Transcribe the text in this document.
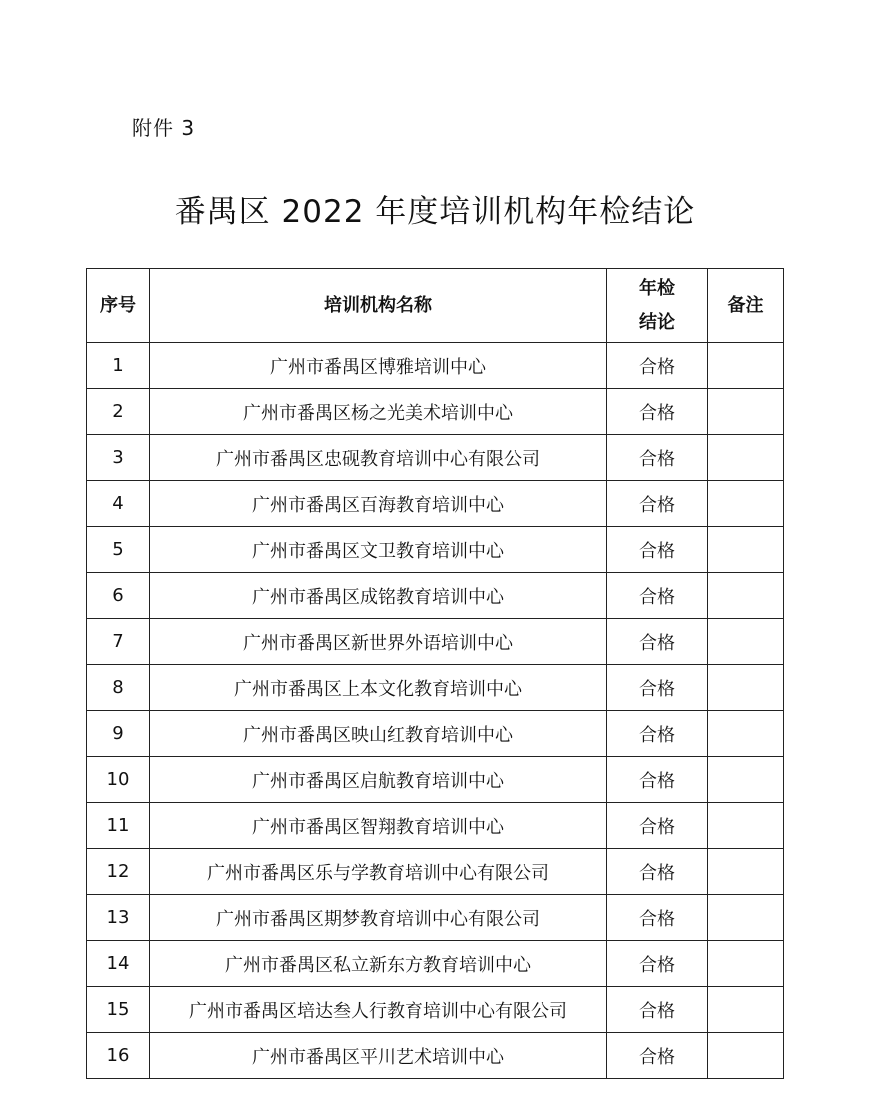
附件 3
番禺区 2022 年度培训机构年检结论
序号	培训机构名称	年检结论	备注
1	广州市番禺区博雅培训中心	合格	
2	广州市番禺区杨之光美术培训中心	合格	
3	广州市番禺区忠砚教育培训中心有限公司	合格	
4	广州市番禺区百海教育培训中心	合格	
5	广州市番禺区文卫教育培训中心	合格	
6	广州市番禺区成铭教育培训中心	合格	
7	广州市番禺区新世界外语培训中心	合格	
8	广州市番禺区上本文化教育培训中心	合格	
9	广州市番禺区映山红教育培训中心	合格	
10	广州市番禺区启航教育培训中心	合格	
11	广州市番禺区智翔教育培训中心	合格	
12	广州市番禺区乐与学教育培训中心有限公司	合格	
13	广州市番禺区期梦教育培训中心有限公司	合格	
14	广州市番禺区私立新东方教育培训中心	合格	
15	广州市番禺区培达叁人行教育培训中心有限公司	合格	
16	广州市番禺区平川艺术培训中心	合格	
